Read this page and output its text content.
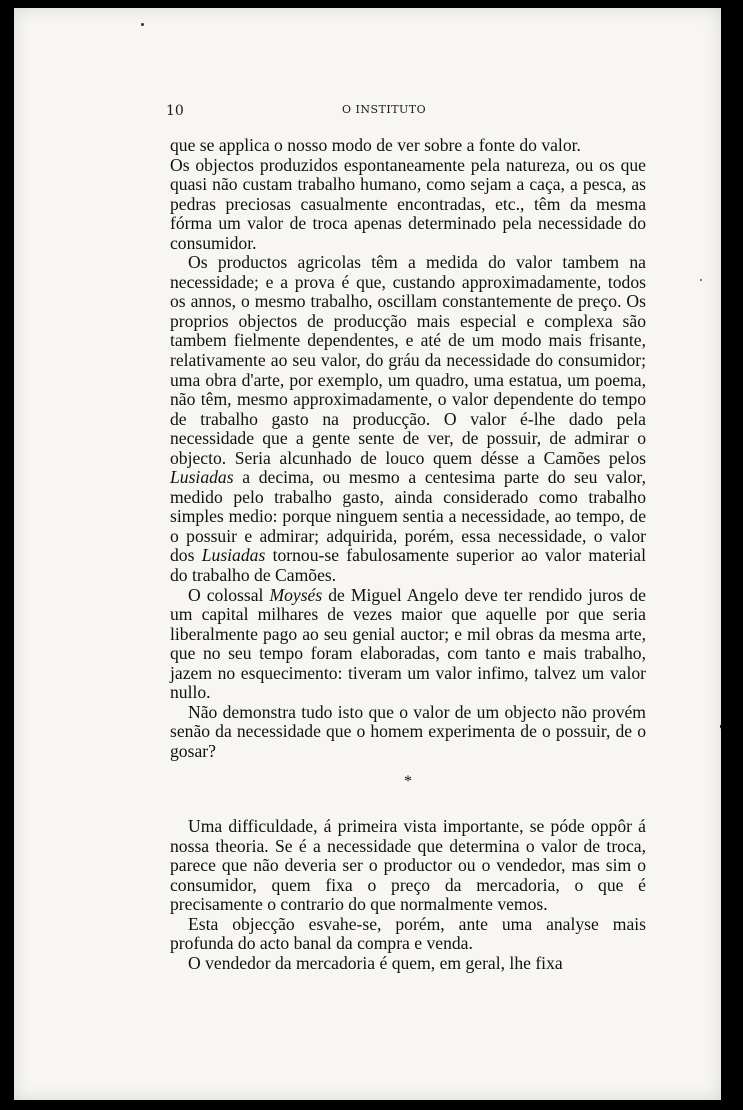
10	O INSTITUTO

que se applica o nosso modo de ver sobre a fonte do valor.

Os objectos produzidos espontaneamente pela natureza, ou os que quasi não custam trabalho humano, como sejam a caça, a pesca, as pedras preciosas casualmente encontradas, etc., têm da mesma fórma um valor de troca apenas determinado pela necessidade do consumidor.

Os productos agricolas têm a medida do valor tambem na necessidade; e a prova é que, custando approximadamente, todos os annos, o mesmo trabalho, oscillam constantemente de preço. Os proprios objectos de producção mais especial e complexa são tambem fielmente dependentes, e até de um modo mais frisante, relativamente ao seu valor, do gráu da necessidade do consumidor; uma obra d'arte, por exemplo, um quadro, uma estatua, um poema, não têm, mesmo approximadamente, o valor dependente do tempo de trabalho gasto na producção. O valor é-lhe dado pela necessidade que a gente sente de ver, de possuir, de admirar o objecto. Seria alcunhado de louco quem désse a Camões pelos Lusiadas a decima, ou mesmo a centesima parte do seu valor, medido pelo trabalho gasto, ainda considerado como trabalho simples medio: porque ninguem sentia a necessidade, ao tempo, de o possuir e admirar; adquirida, porém, essa necessidade, o valor dos Lusiadas tornou-se fabulosamente superior ao valor material do trabalho de Camões.

O colossal Moysés de Miguel Angelo deve ter rendido juros de um capital milhares de vezes maior que aquelle por que seria liberalmente pago ao seu genial auctor; e mil obras da mesma arte, que no seu tempo foram elaboradas, com tanto e mais trabalho, jazem no esquecimento: tiveram um valor infimo, talvez um valor nullo.

Não demonstra tudo isto que o valor de um objecto não provém senão da necessidade que o homem experimenta de o possuir, de o gosar?

*

Uma difficuldade, á primeira vista importante, se póde oppôr á nossa theoria. Se é a necessidade que determina o valor de troca, parece que não deveria ser o productor ou o vendedor, mas sim o consumidor, quem fixa o preço da mercadoria, o que é precisamente o contrario do que normalmente vemos.

Esta objecção esvahe-se, porém, ante uma analyse mais profunda do acto banal da compra e venda.

O vendedor da mercadoria é quem, em geral, lhe fixa
